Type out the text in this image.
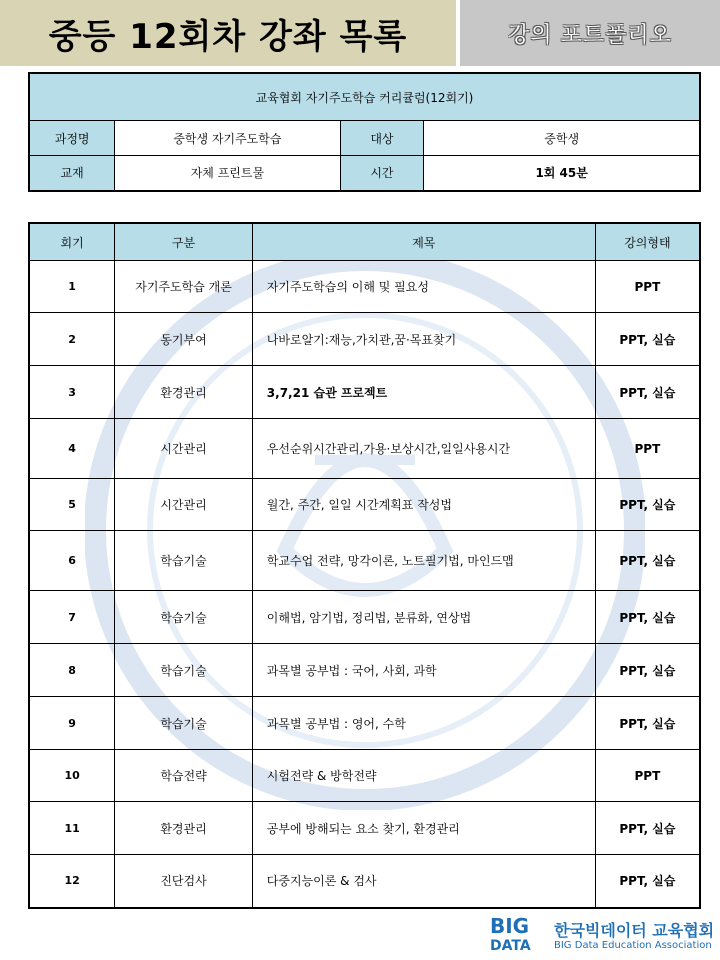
중등 12회차 강좌 목록	강의 포트폴리오
교육협회 자기주도학습 커리큘럼(12회기)			
과정명	중학생 자기주도학습	대상	중학생
교재	자체 프린트물	시간	1회 45분
회기	구분	제목	강의형태
1	자기주도학습 개론	자기주도학습의 이해 및 필요성	PPT
2	동기부여	나바로알기:재능,가치관,꿈·목표찾기	PPT, 실습
3	환경관리	3,7,21 습관 프로젝트	PPT, 실습
4	시간관리	우선순위시간관리,가용·보상시간,일일사용시간	PPT
5	시간관리	월간, 주간, 일일 시간계획표 작성법	PPT, 실습
6	학습기술	학교수업 전략, 망각이론, 노트필기법, 마인드맵	PPT, 실습
7	학습기술	이해법, 암기법, 정리법, 분류화, 연상법	PPT, 실습
8	학습기술	과목별 공부법 : 국어, 사회, 과학	PPT, 실습
9	학습기술	과목별 공부법 : 영어, 수학	PPT, 실습
10	학습전략	시험전략 & 방학전략	PPT
11	환경관리	공부에 방해되는 요소 찾기, 환경관리	PPT, 실습
12	진단검사	다중지능이론 & 검사	PPT, 실습
BIG
DATA
한국빅데이터 교육협회
BIG Data Education Association
